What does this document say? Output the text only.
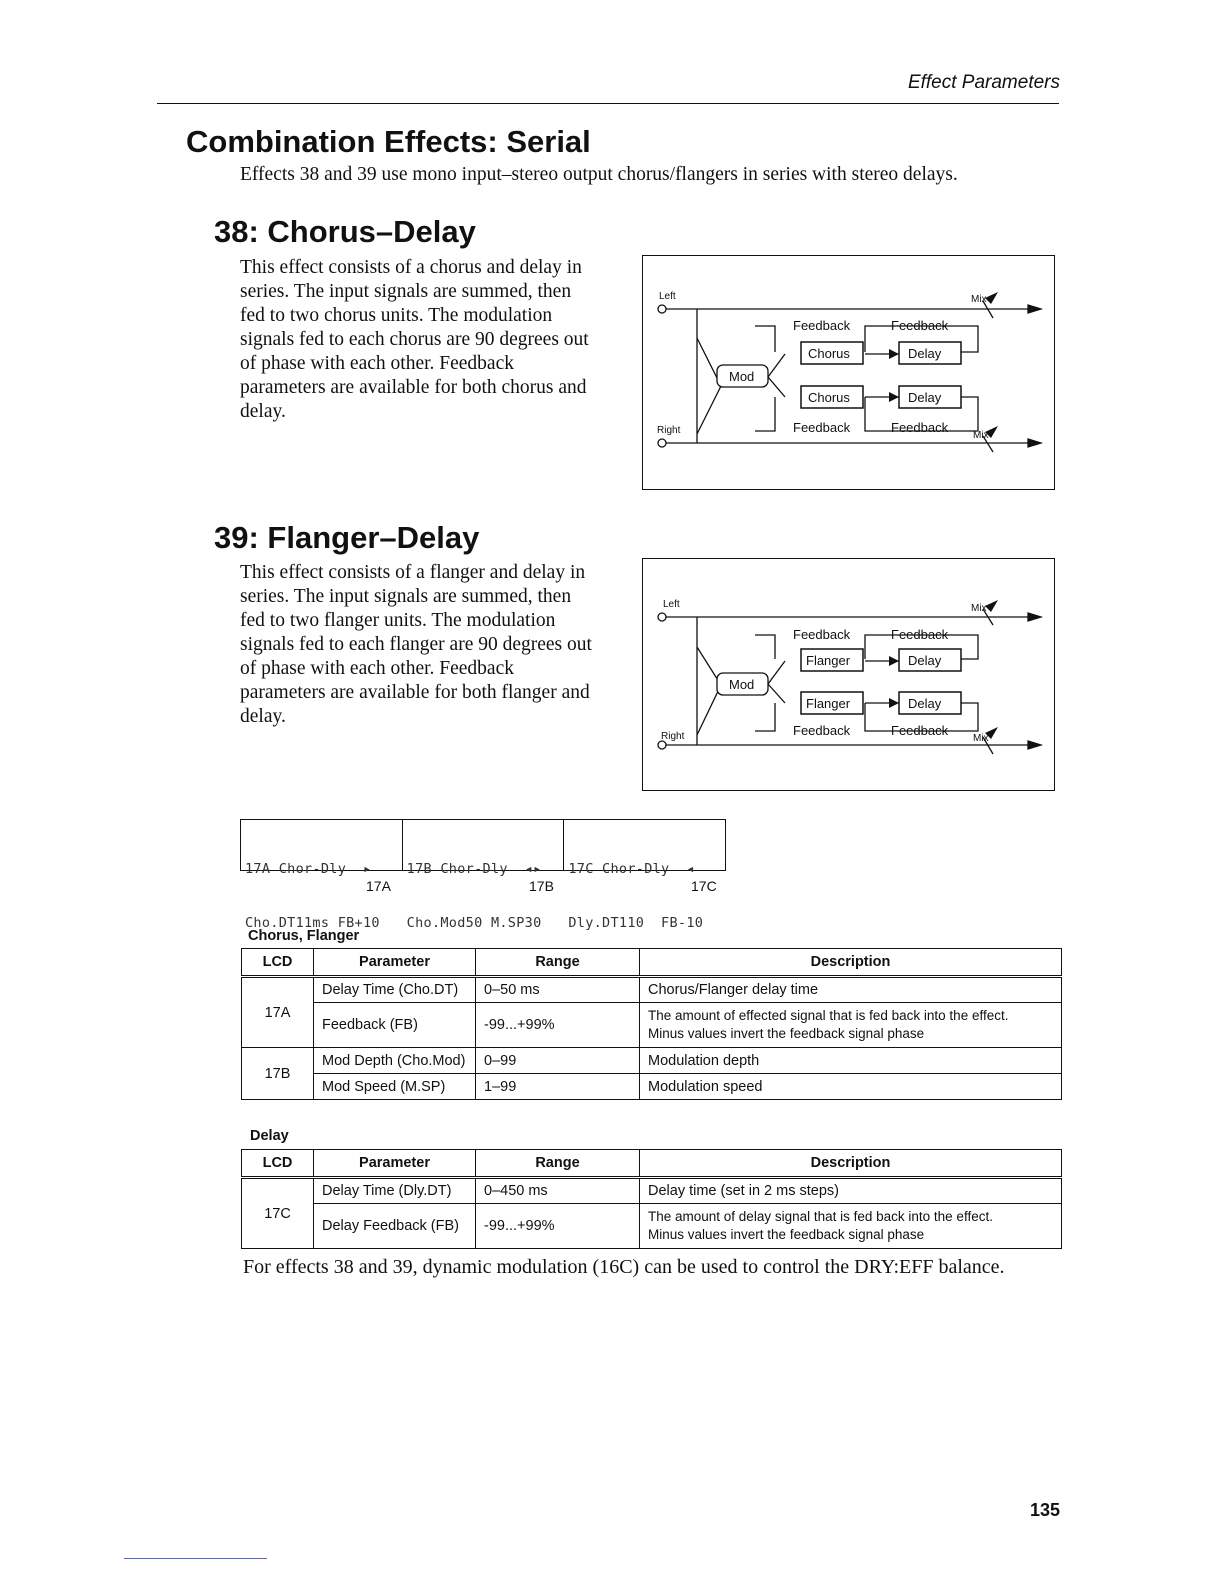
Effect Parameters
Combination Effects: Serial
Effects 38 and 39 use mono input–stereo output chorus/flangers in series with stereo delays.
38: Chorus–Delay
This effect consists of a chorus and delay in
series. The input signals are summed, then
fed to two chorus units. The modulation
signals fed to each chorus are 90 degrees out
of phase with each other. Feedback
parameters are available for both chorus and
delay.
Left
Right
Mix
Mix
Feedback	Feedback
Feedback	Feedback
Mod
Chorus	Delay
Chorus	Delay
39: Flanger–Delay
This effect consists of a flanger and delay in
series. The input signals are summed, then
fed to two flanger units. The modulation
signals fed to each flanger are 90 degrees out
of phase with each other. Feedback
parameters are available for both flanger and
delay.
Left
Right
Mix
Mix
Feedback	Feedback
Feedback	Feedback
Mod
Flanger	Delay
Flanger	Delay

17A Chor-Dly  ▸

Cho.DT11ms FB+10

17B Chor-Dly  ◂▸

Cho.Mod50 M.SP30

17C Chor-Dly  ◂

Dly.DT110  FB-10

17A	17B	17C
Chorus, Flanger
LCD	Parameter	Range	Description
17A	Delay Time (Cho.DT)	0–50 ms	Chorus/Flanger delay time
	Feedback (FB)	-99...+99%	The amount of effected signal that is fed back into the effect.
Minus values invert the feedback signal phase

17B	Mod Depth (Cho.Mod)	0–99	Modulation depth
	Mod Speed (M.SP)	1–99	Modulation speed
Delay
LCD	Parameter	Range	Description
17C	Delay Time (Dly.DT)	0–450 ms	Delay time (set in 2 ms steps)
	Delay Feedback (FB)	-99...+99%	The amount of delay signal that is fed back into the effect.
Minus values invert the feedback signal phase
For effects 38 and 39, dynamic modulation (16C) can be used to control the DRY:EFF balance.
135
